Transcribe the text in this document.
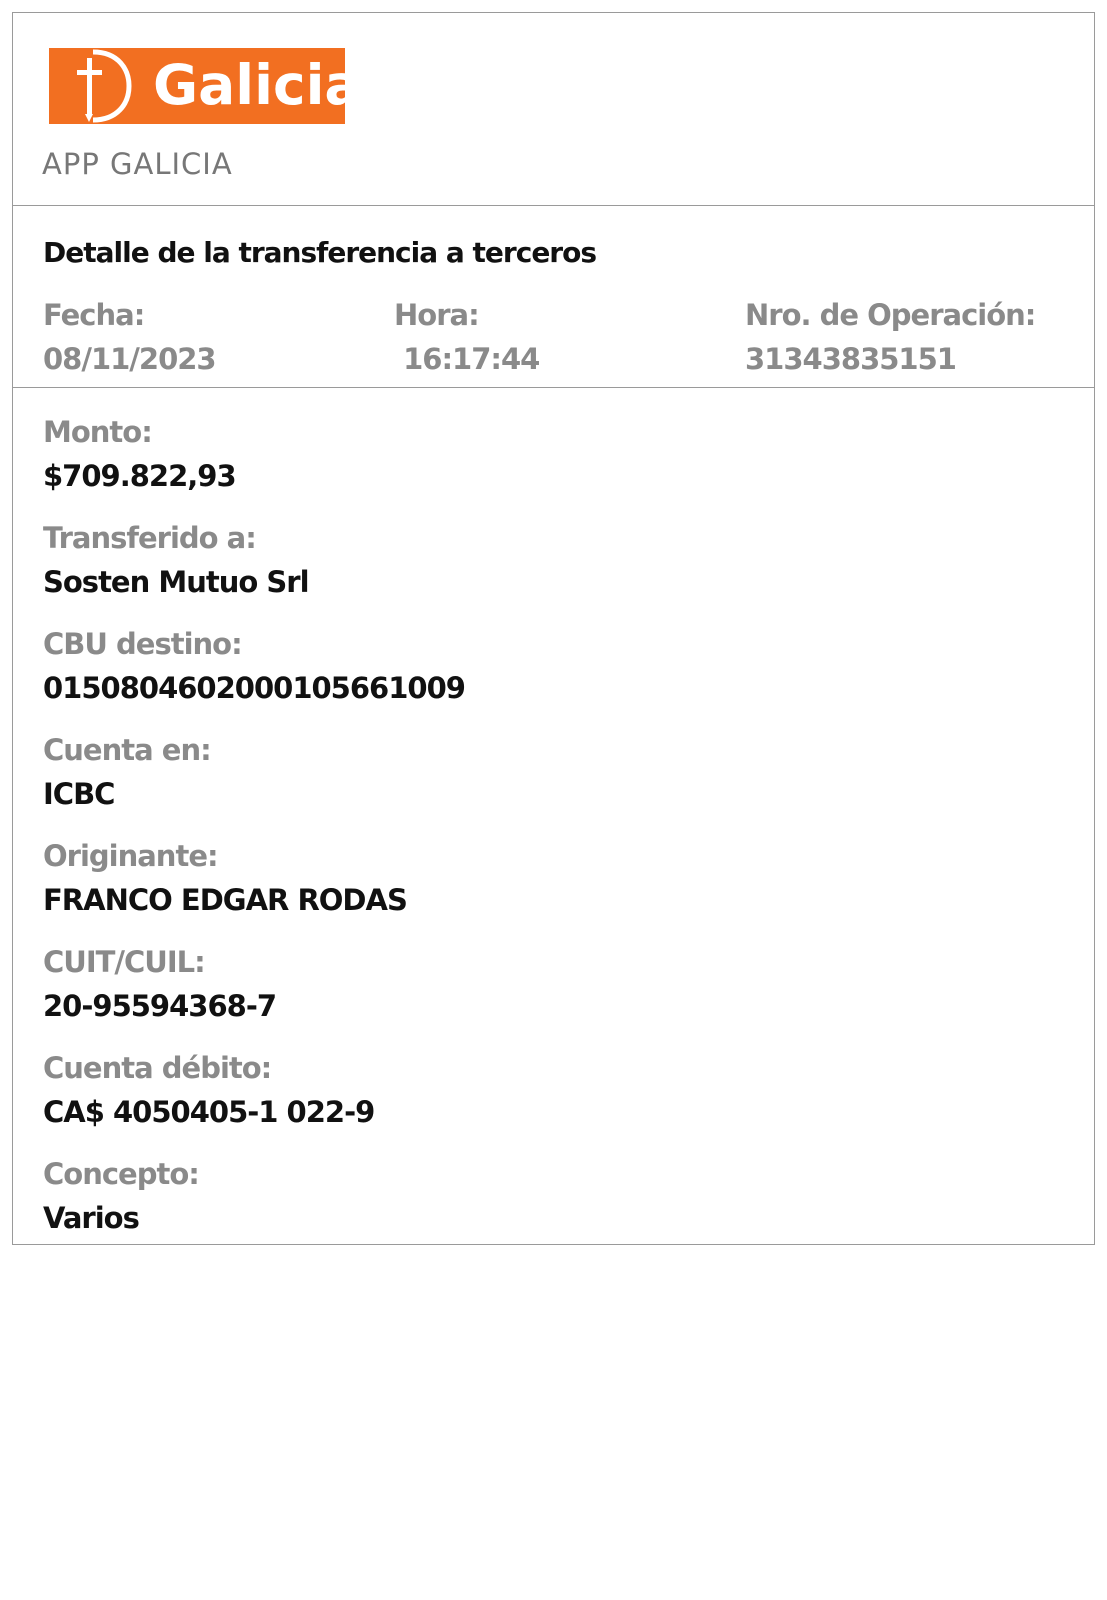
Galicia
APP GALICIA
Detalle de la transferencia a terceros
Fecha:
08/11/2023
Hora:
16:17:44
Nro. de Operación:
31343835151
Monto:
$709.822,93
Transferido a:
Sosten Mutuo Srl
CBU destino:
0150804602000105661009
Cuenta en:
ICBC
Originante:
FRANCO EDGAR RODAS
CUIT/CUIL:
20-95594368-7
Cuenta débito:
CA$ 4050405-1 022-9
Concepto:
Varios
